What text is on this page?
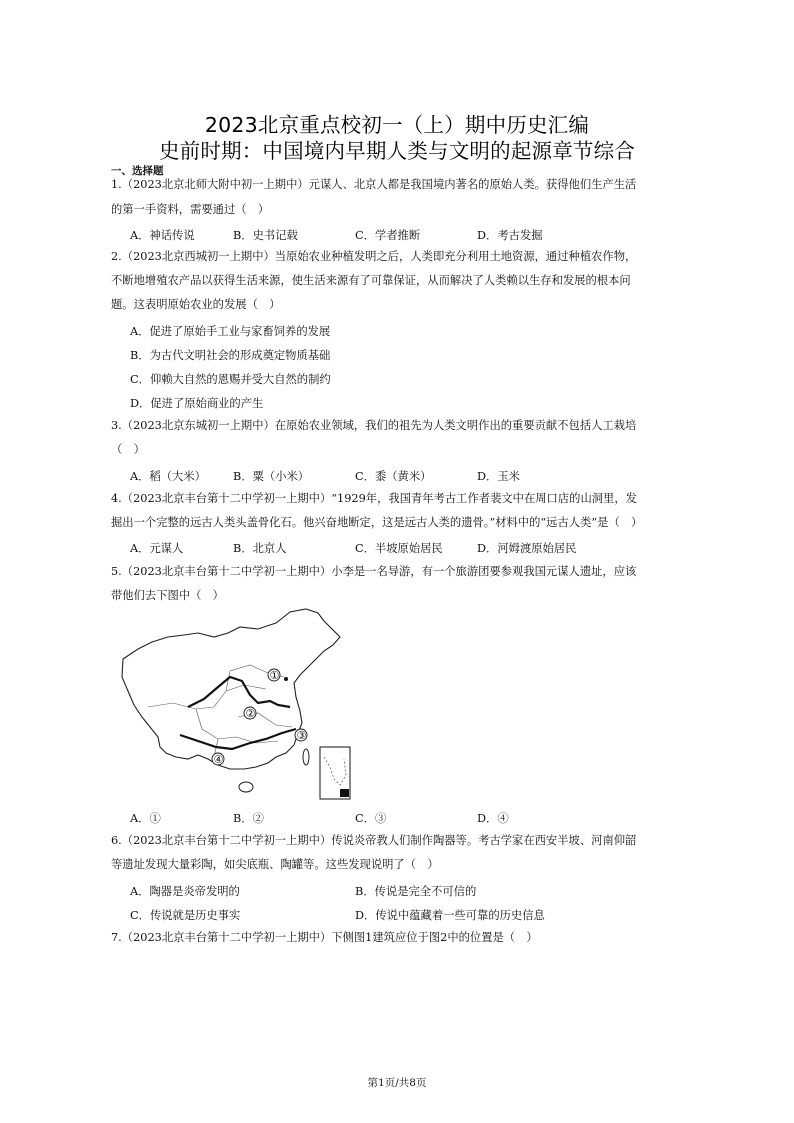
2023北京重点校初一（上）期中历史汇编
史前时期：中国境内早期人类与文明的起源章节综合
一、选择题
1.（2023北京北师大附中初一上期中）元谋人、北京人都是我国境内著名的原始人类。获得他们生产生活
的第一手资料，需要通过（　）
A．神话传说	B．史书记载	C．学者推断	D．考古发掘
2.（2023北京西城初一上期中）当原始农业种植发明之后，人类即充分利用土地资源，通过种植农作物，
不断地增殖农产品以获得生活来源，使生活来源有了可靠保证，从而解决了人类赖以生存和发展的根本问
题。这表明原始农业的发展（　）
A．促进了原始手工业与家畜饲养的发展
B．为古代文明社会的形成奠定物质基础
C．仰赖大自然的恩赐并受大自然的制约
D．促进了原始商业的产生
3.（2023北京东城初一上期中）在原始农业领域，我们的祖先为人类文明作出的重要贡献不包括人工栽培
（　）
A．稻（大米） B．粟（小米）	C．黍（黄米）	D．玉米
4.（2023北京丰台第十二中学初一上期中）“1929年，我国青年考古工作者裴文中在周口店的山洞里，发
掘出一个完整的远古人类头盖骨化石。他兴奋地断定，这是远古人类的遗骨。”材料中的“远古人类”是（　）
A．元谋人	B．北京人	C．半坡原始居民	D．河姆渡原始居民
5.（2023北京丰台第十二中学初一上期中）小李是一名导游，有一个旅游团要参观我国元谋人遗址，应该
带他们去下图中（　）
①
②
③
④
A．①	B．②	C．③	D．④
6.（2023北京丰台第十二中学初一上期中）传说炎帝教人们制作陶器等。考古学家在西安半坡、河南仰韶
等遗址发现大量彩陶，如尖底瓶、陶罐等。这些发现说明了（　）
A．陶器是炎帝发明的	B．传说是完全不可信的
C．传说就是历史事实	D．传说中蕴藏着一些可靠的历史信息
7.（2023北京丰台第十二中学初一上期中）下侧图1建筑应位于图2中的位置是（　）
第1页/共8页
